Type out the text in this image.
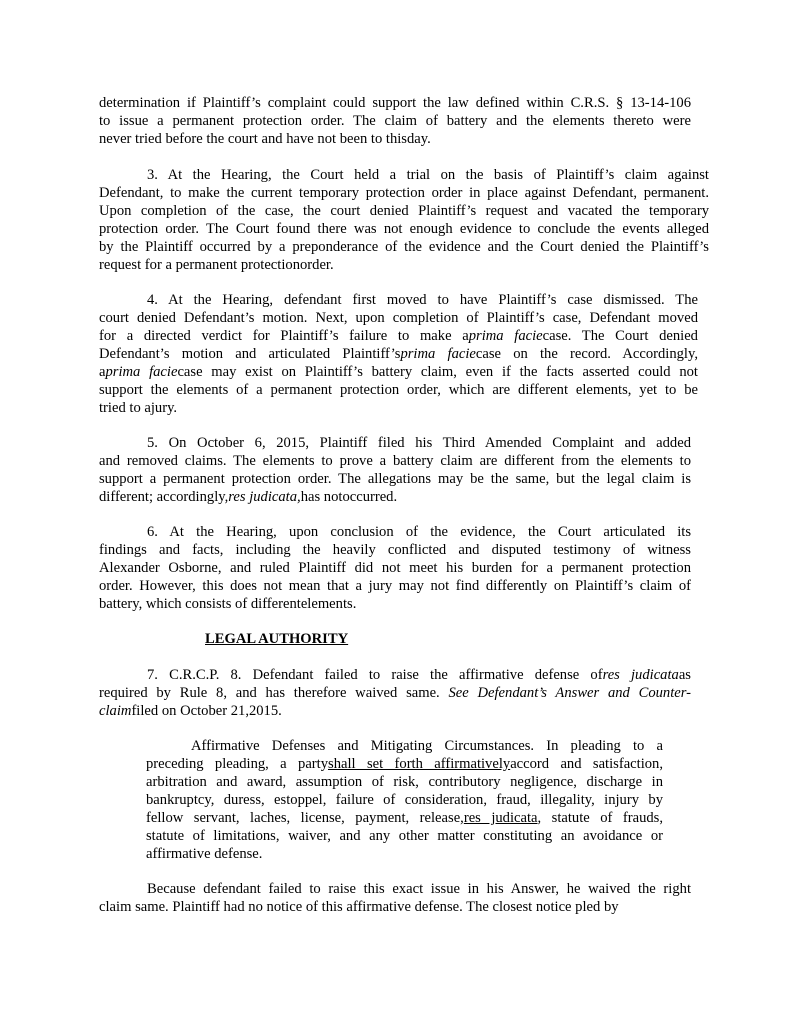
determination if Plaintiff’s complaint could support the law defined within C.R.S. § 13-14-106

to issue a permanent protection order. The claim of battery and the elements thereto were

never tried before the court and have not been to thisday.

3. At the Hearing, the Court held a trial on the basis of Plaintiff’s claim against

Defendant, to make the current temporary protection order in place against Defendant, permanent.

Upon completion of the case, the court denied Plaintiff’s request and vacated the temporary

protection order. The Court found there was not enough evidence to conclude the events alleged

by the Plaintiff occurred by a preponderance of the evidence and the Court denied the Plaintiff’s

request for a permanent protectionorder.

4. At the Hearing, defendant first moved to have Plaintiff’s case dismissed. The

court denied Defendant’s motion. Next, upon completion of Plaintiff’s case, Defendant moved

for a directed verdict for Plaintiff’s failure to make aprima faciecase. The Court denied

Defendant’s motion and articulated Plaintiff’sprima faciecase on the record. Accordingly,

aprima faciecase may exist on Plaintiff’s battery claim, even if the facts asserted could not

support the elements of a permanent protection order, which are different elements, yet to be

tried to ajury.

5. On October 6, 2015, Plaintiff filed his Third Amended Complaint and added

and removed claims. The elements to prove a battery claim are different from the elements to

support a permanent protection order. The allegations may be the same, but the legal claim is

different; accordingly,res judicata,has notoccurred.

6. At the Hearing, upon conclusion of the evidence, the Court articulated its

findings and facts, including the heavily conflicted and disputed testimony of witness

Alexander Osborne, and ruled Plaintiff did not meet his burden for a permanent protection

order. However, this does not mean that a jury may not find differently on Plaintiff’s claim of

battery, which consists of differentelements.

LEGAL AUTHORITY

7. C.R.C.P. 8. Defendant failed to raise the affirmative defense ofres judicataas

required by Rule 8, and has therefore waived same. See Defendant’s Answer and Counter-

claimfiled on October 21,2015.

Affirmative Defenses and Mitigating Circumstances. In pleading to a

preceding pleading, a partyshall set forth affirmativelyaccord and satisfaction,

arbitration and award, assumption of risk, contributory negligence, discharge in

bankruptcy, duress, estoppel, failure of consideration, fraud, illegality, injury by

fellow servant, laches, license, payment, release,res judicata, statute of frauds,

statute of limitations, waiver, and any other matter constituting an avoidance or

affirmative defense.

Because defendant failed to raise this exact issue in his Answer, he waived the right

claim same. Plaintiff had no notice of this affirmative defense. The closest notice pled by
